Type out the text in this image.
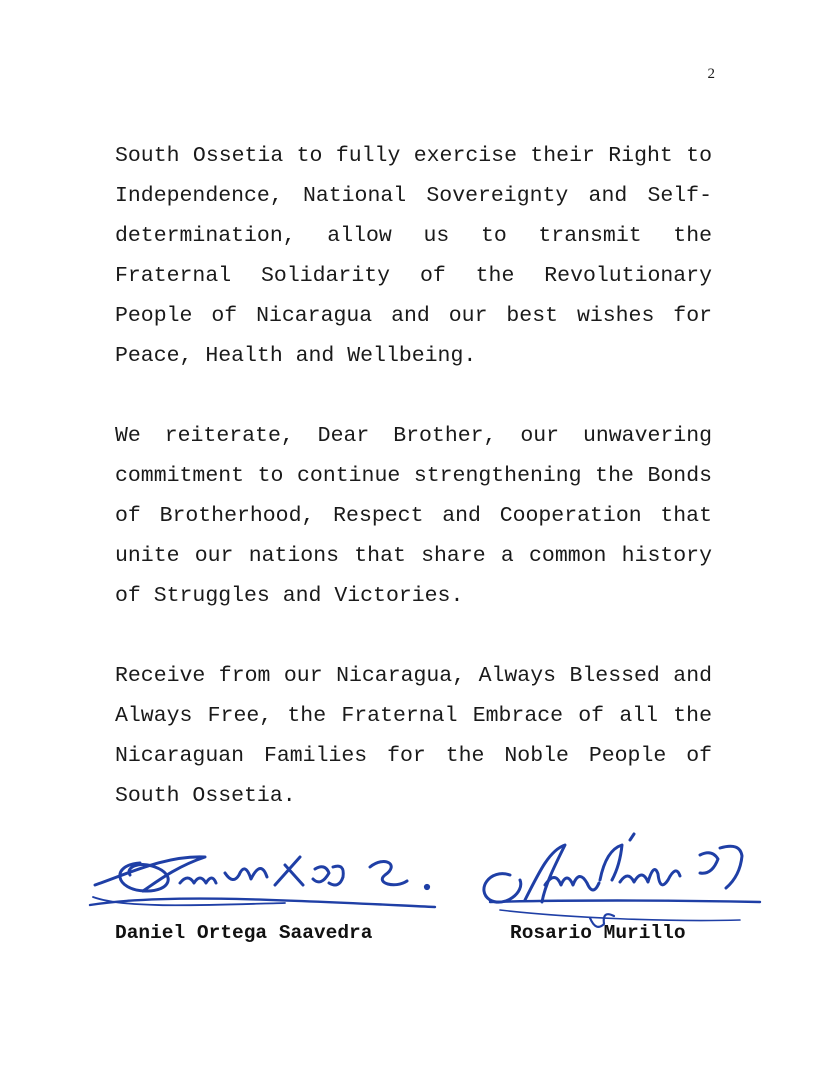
2

South Ossetia to fully exercise their Right to Independence, National Sovereignty and Self-determination, allow us to transmit the Fraternal Solidarity of the Revolutionary People of Nicaragua and our best wishes for Peace, Health and Wellbeing.

We reiterate, Dear Brother, our unwavering commitment to continue strengthening the Bonds of Brotherhood, Respect and Cooperation that unite our nations that share a common history of Struggles and Victories.

Receive from our Nicaragua, Always Blessed and Always Free, the Fraternal Embrace of all the Nicaraguan Families for the Noble People of South Ossetia.

Daniel Ortega Saavedra	Rosario Murillo
